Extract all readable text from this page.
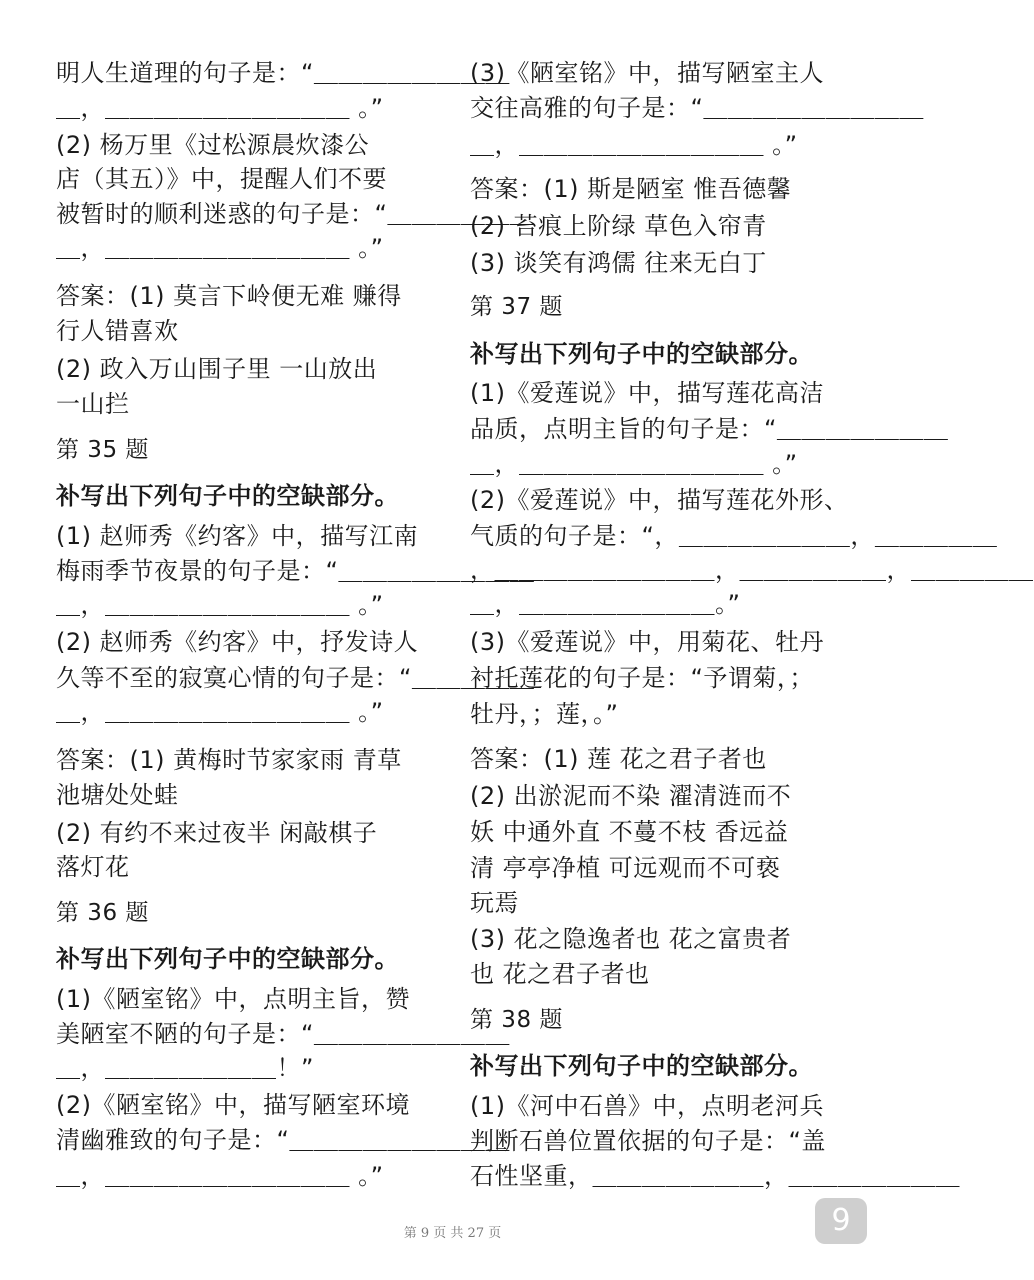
明人生道理的句子是：“＿＿＿＿＿＿＿＿
＿，＿＿＿＿＿＿＿＿＿＿ 。”
(2) 杨万里《过松源晨炊漆公
店（其五）》中，提醒人们不要
被暂时的顺利迷惑的句子是：“＿＿＿＿＿＿
＿，＿＿＿＿＿＿＿＿＿＿ 。”
答案：(1) 莫言下岭便无难 赚得
行人错喜欢
(2) 政入万山围子里 一山放出
一山拦
第 35 题
补写出下列句子中的空缺部分。
(1) 赵师秀《约客》中，描写江南
梅雨季节夜景的句子是：“＿＿＿＿＿＿＿＿
＿，＿＿＿＿＿＿＿＿＿＿ 。”
(2) 赵师秀《约客》中，抒发诗人
久等不至的寂寞心情的句子是：“＿＿＿＿＿
＿，＿＿＿＿＿＿＿＿＿＿ 。”
答案：(1) 黄梅时节家家雨 青草
池塘处处蛙
(2) 有约不来过夜半 闲敲棋子
落灯花
第 36 题
补写出下列句子中的空缺部分。
(1)《陋室铭》中，点明主旨，赞
美陋室不陋的句子是：“＿＿＿＿＿＿＿＿
＿，＿＿＿＿＿＿＿！”
(2)《陋室铭》中，描写陋室环境
清幽雅致的句子是：“＿＿＿＿＿＿＿＿＿
＿，＿＿＿＿＿＿＿＿＿＿ 。”
(3)《陋室铭》中，描写陋室主人
交往高雅的句子是：“＿＿＿＿＿＿＿＿＿
＿，＿＿＿＿＿＿＿＿＿＿ 。”
答案：(1) 斯是陋室 惟吾德馨
(2) 苔痕上阶绿 草色入帘青
(3) 谈笑有鸿儒 往来无白丁
第 37 题
补写出下列句子中的空缺部分。
(1)《爱莲说》中，描写莲花高洁
品质，点明主旨的句子是：“＿＿＿＿＿＿＿
＿，＿＿＿＿＿＿＿＿＿＿ 。”
(2)《爱莲说》中，描写莲花外形、
气质的句子是：“，＿＿＿＿＿＿＿，＿＿＿＿＿
，＿＿＿＿＿＿＿＿＿，＿＿＿＿＿＿，＿＿＿＿＿
＿，＿＿＿＿＿＿＿＿。”
(3)《爱莲说》中，用菊花、牡丹
衬托莲花的句子是：“予谓菊，；
牡丹，；莲，。”
答案：(1) 莲 花之君子者也
(2) 出淤泥而不染 濯清涟而不
妖 中通外直 不蔓不枝 香远益
清 亭亭净植 可远观而不可亵
玩焉
(3) 花之隐逸者也 花之富贵者
也 花之君子者也
第 38 题
补写出下列句子中的空缺部分。
(1)《河中石兽》中，点明老河兵
判断石兽位置依据的句子是：“盖
石性坚重，＿＿＿＿＿＿＿，＿＿＿＿＿＿＿
第 9 页 共 27 页	9
